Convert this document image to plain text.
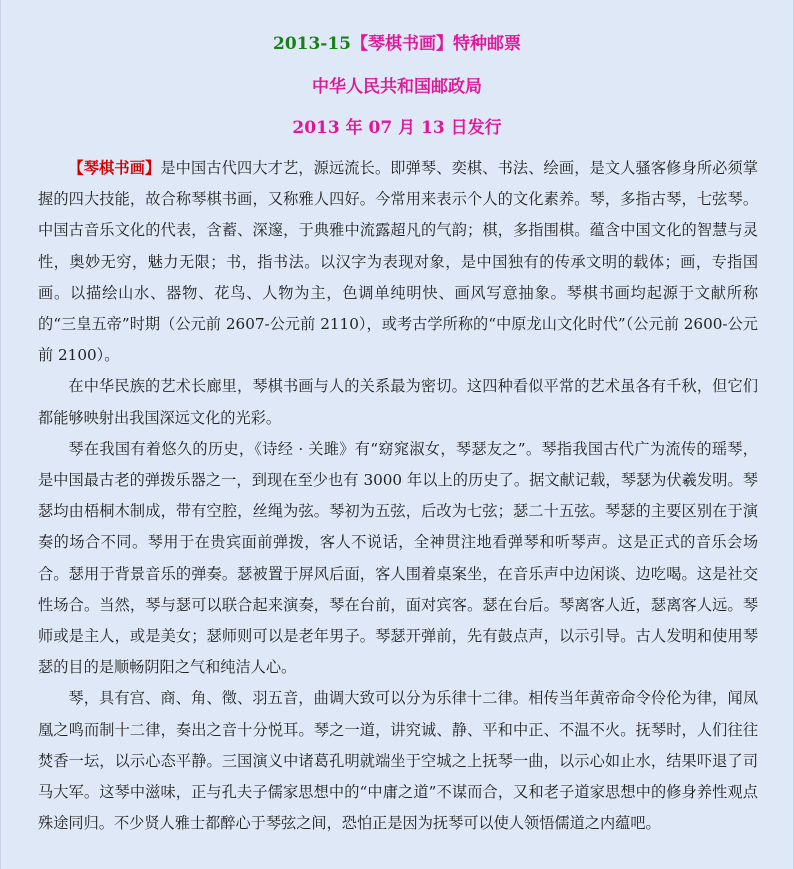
2013-15【琴棋书画】特种邮票
中华人民共和国邮政局
2013 年 07 月 13 日发行

【琴棋书画】是中国古代四大才艺，源远流长。即弹琴、奕棋、书法、绘画，是文人骚客修身所必须掌握的四大技能，故合称琴棋书画，又称雅人四好。今常用来表示个人的文化素养。琴，多指古琴，七弦琴。中国古音乐文化的代表，含蓄、深邃，于典雅中流露超凡的气韵；棋，多指围棋。蕴含中国文化的智慧与灵性，奥妙无穷，魅力无限；书，指书法。以汉字为表现对象，是中国独有的传承文明的载体；画，专指国画。以描绘山水、器物、花鸟、人物为主，色调单纯明快、画风写意抽象。琴棋书画均起源于文献所称的“三皇五帝”时期（公元前 2607-公元前 2110），或考古学所称的“中原龙山文化时代”（公元前 2600-公元前 2100）。

在中华民族的艺术长廊里，琴棋书画与人的关系最为密切。这四种看似平常的艺术虽各有千秋，但它们都能够映射出我国深远文化的光彩。

琴在我国有着悠久的历史，《诗经 · 关雎》有“窈窕淑女，琴瑟友之”。琴指我国古代广为流传的瑶琴，是中国最古老的弹拨乐器之一，到现在至少也有 3000 年以上的历史了。据文献记载，琴瑟为伏羲发明。琴瑟均由梧桐木制成，带有空腔，丝绳为弦。琴初为五弦，后改为七弦；瑟二十五弦。琴瑟的主要区别在于演奏的场合不同。琴用于在贵宾面前弹拨，客人不说话，全神贯注地看弹琴和听琴声。这是正式的音乐会场合。瑟用于背景音乐的弹奏。瑟被置于屏风后面，客人围着桌案坐，在音乐声中边闲谈、边吃喝。这是社交性场合。当然，琴与瑟可以联合起来演奏，琴在台前，面对宾客。瑟在台后。琴离客人近，瑟离客人远。琴师或是主人，或是美女；瑟师则可以是老年男子。琴瑟开弹前，先有鼓点声，以示引导。古人发明和使用琴瑟的目的是顺畅阴阳之气和纯洁人心。

琴，具有宫、商、角、徵、羽五音，曲调大致可以分为乐律十二律。相传当年黄帝命令伶伦为律，闻凤凰之鸣而制十二律，奏出之音十分悦耳。琴之一道，讲究诚、静、平和中正、不温不火。抚琴时，人们往往焚香一坛，以示心态平静。三国演义中诸葛孔明就端坐于空城之上抚琴一曲，以示心如止水，结果吓退了司马大军。这琴中滋味，正与孔夫子儒家思想中的“中庸之道”不谋而合，又和老子道家思想中的修身养性观点殊途同归。不少贤人雅士都醉心于琴弦之间，恐怕正是因为抚琴可以使人领悟儒道之内蕴吧。
